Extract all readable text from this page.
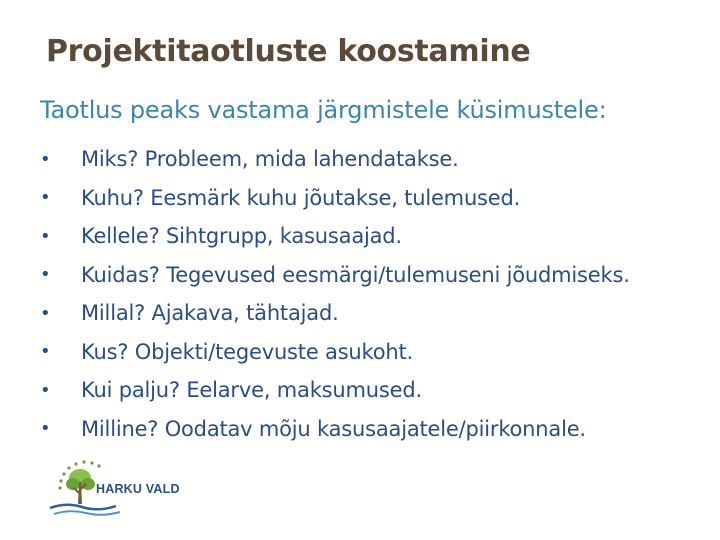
Projektitaotluste koostamine
Taotlus peaks vastama järgmistele küsimustele:
•	Miks? Probleem, mida lahendatakse.
•	Kuhu? Eesmärk kuhu jõutakse, tulemused.
•	Kellele? Sihtgrupp, kasusaajad.
•	Kuidas? Tegevused eesmärgi/tulemuseni jõudmiseks.
•	Millal? Ajakava, tähtajad.
•	Kus? Objekti/tegevuste asukoht.
•	Kui palju? Eelarve, maksumused.
•	Milline? Oodatav mõju kasusaajatele/piirkonnale.
HARKU VALD
